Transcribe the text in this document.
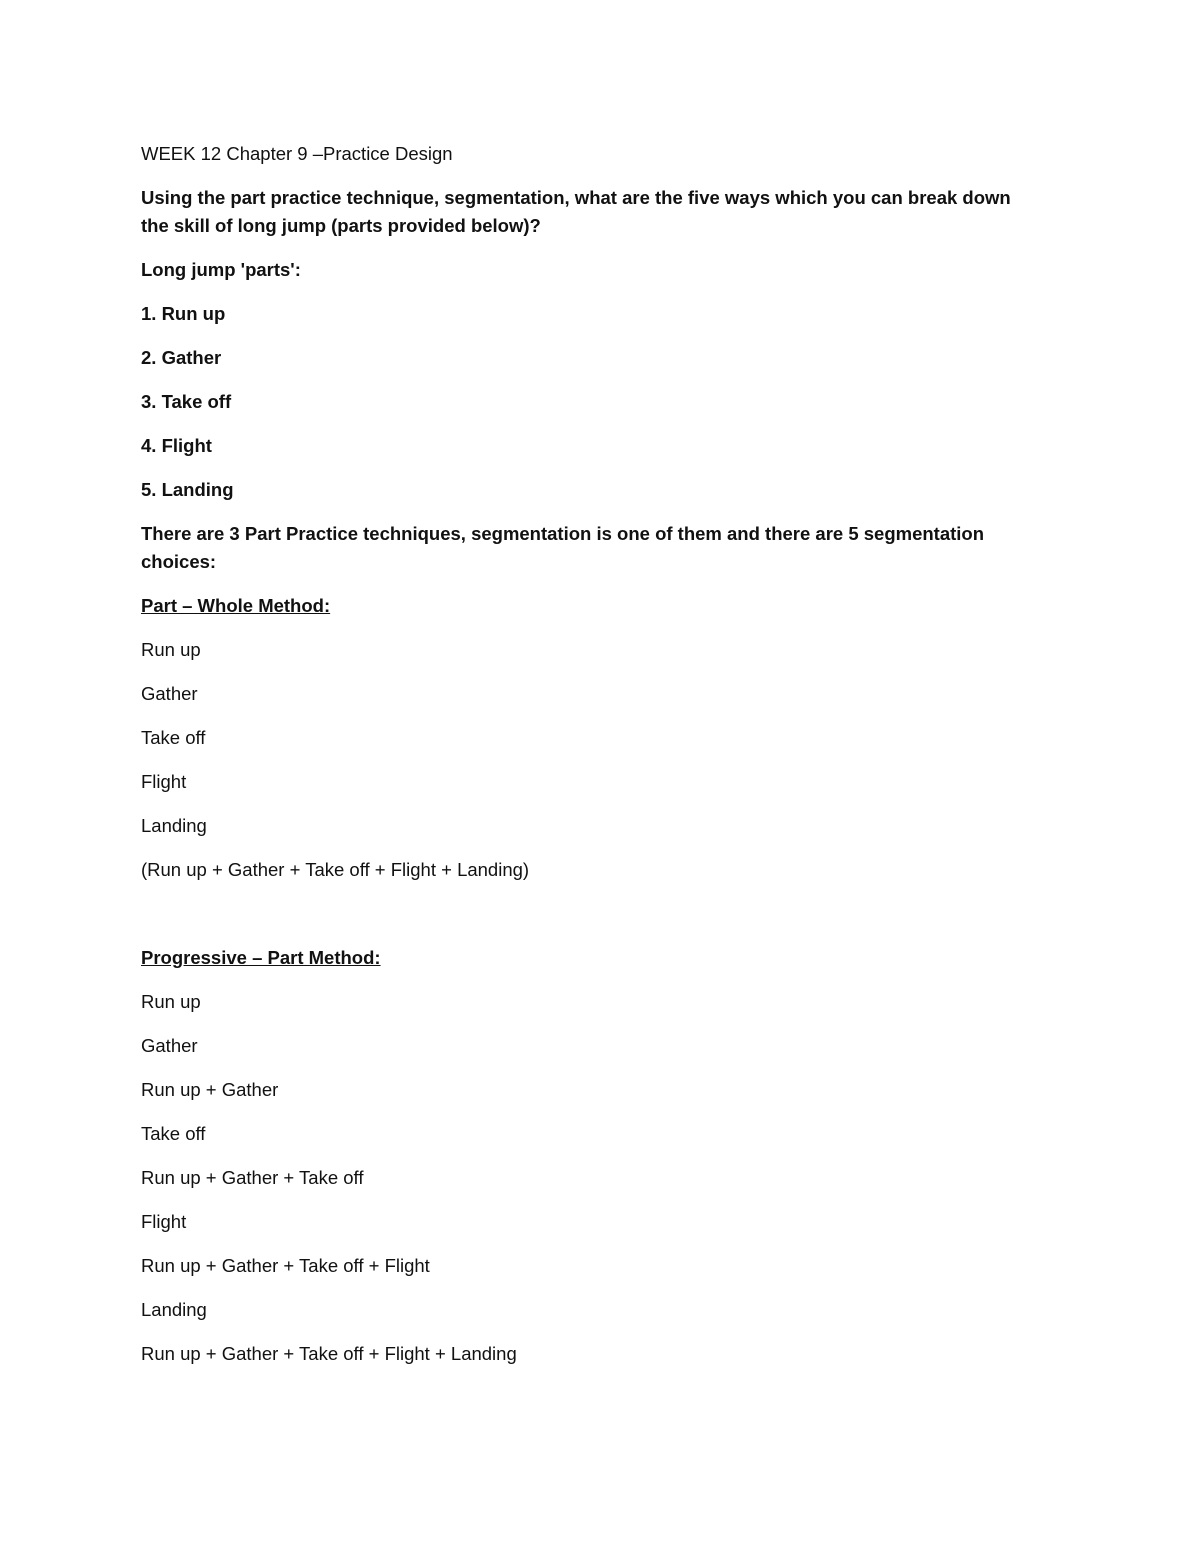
WEEK 12 Chapter 9 –Practice Design

Using the part practice technique, segmentation, what are the five ways which you can break down the skill of long jump (parts provided below)?

Long jump 'parts':

1. Run up

2. Gather

3. Take off

4. Flight

5. Landing

There are 3 Part Practice techniques, segmentation is one of them and there are 5 segmentation choices:

Part – Whole Method:

Run up

Gather

Take off

Flight

Landing

(Run up + Gather + Take off + Flight + Landing)

Progressive – Part Method:

Run up

Gather

Run up + Gather

Take off

Run up + Gather + Take off

Flight

Run up + Gather + Take off + Flight

Landing

Run up + Gather + Take off + Flight + Landing
